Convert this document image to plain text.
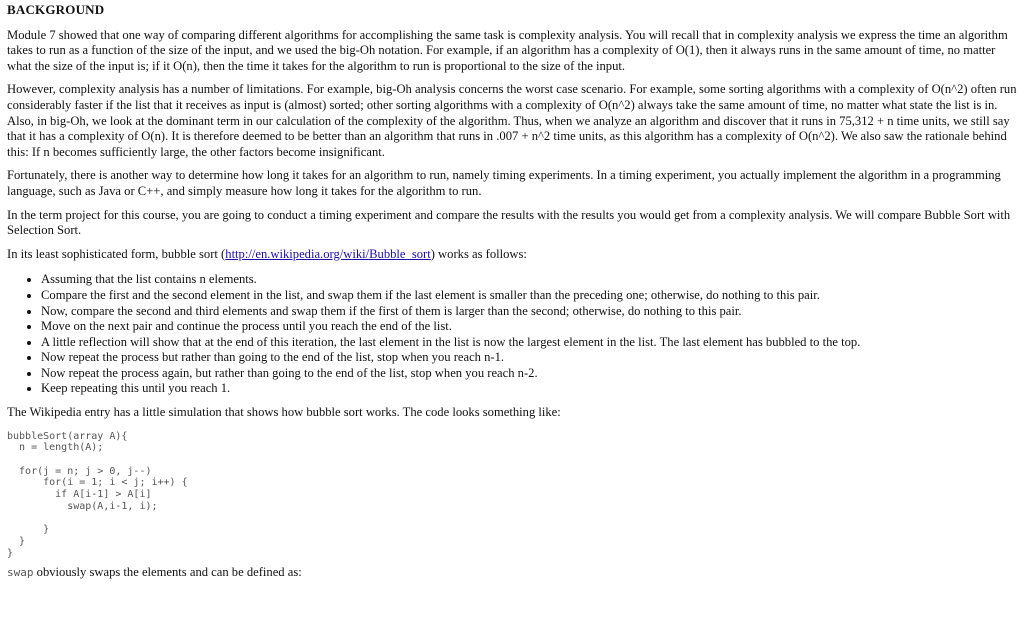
BACKGROUND

Module 7 showed that one way of comparing different algorithms for accomplishing the same task is complexity analysis. You will recall that in complexity analysis we express the time an algorithm takes to run as a function of the size of the input, and we used the big-Oh notation. For example, if an algorithm has a complexity of O(1), then it always runs in the same amount of time, no matter what the size of the input is; if it O(n), then the time it takes for the algorithm to run is proportional to the size of the input.

However, complexity analysis has a number of limitations. For example, big-Oh analysis concerns the worst case scenario. For example, some sorting algorithms with a complexity of O(n^2) often run considerably faster if the list that it receives as input is (almost) sorted; other sorting algorithms with a complexity of O(n^2) always take the same amount of time, no matter what state the list is in. Also, in big-Oh, we look at the dominant term in our calculation of the complexity of the algorithm. Thus, when we analyze an algorithm and discover that it runs in 75,312 + n time units, we still say that it has a complexity of O(n). It is therefore deemed to be better than an algorithm that runs in .007 + n^2 time units, as this algorithm has a complexity of O(n^2). We also saw the rationale behind this: If n becomes sufficiently large, the other factors become insignificant.

Fortunately, there is another way to determine how long it takes for an algorithm to run, namely timing experiments. In a timing experiment, you actually implement the algorithm in a programming language, such as Java or C++, and simply measure how long it takes for the algorithm to run.

In the term project for this course, you are going to conduct a timing experiment and compare the results with the results you would get from a complexity analysis. We will compare Bubble Sort with Selection Sort.

In its least sophisticated form, bubble sort (http://en.wikipedia.org/wiki/Bubble_sort) works as follows:

• Assuming that the list contains n elements.
• Compare the first and the second element in the list, and swap them if the last element is smaller than the preceding one; otherwise, do nothing to this pair.
• Now, compare the second and third elements and swap them if the first of them is larger than the second; otherwise, do nothing to this pair.
• Move on the next pair and continue the process until you reach the end of the list.
• A little reflection will show that at the end of this iteration, the last element in the list is now the largest element in the list. The last element has bubbled to the top.
• Now repeat the process but rather than going to the end of the list, stop when you reach n-1.
• Now repeat the process again, but rather than going to the end of the list, stop when you reach n-2.
• Keep repeating this until you reach 1.

The Wikipedia entry has a little simulation that shows how bubble sort works. The code looks something like:

bubbleSort(array A){
n = length(A);

for(j = n; j > 0, j--)
for(i = 1; i < j; i++) {
if A[i-1] > A[i]
swap(A,i-1, i);

}
}
}

swap obviously swaps the elements and can be defined as:
